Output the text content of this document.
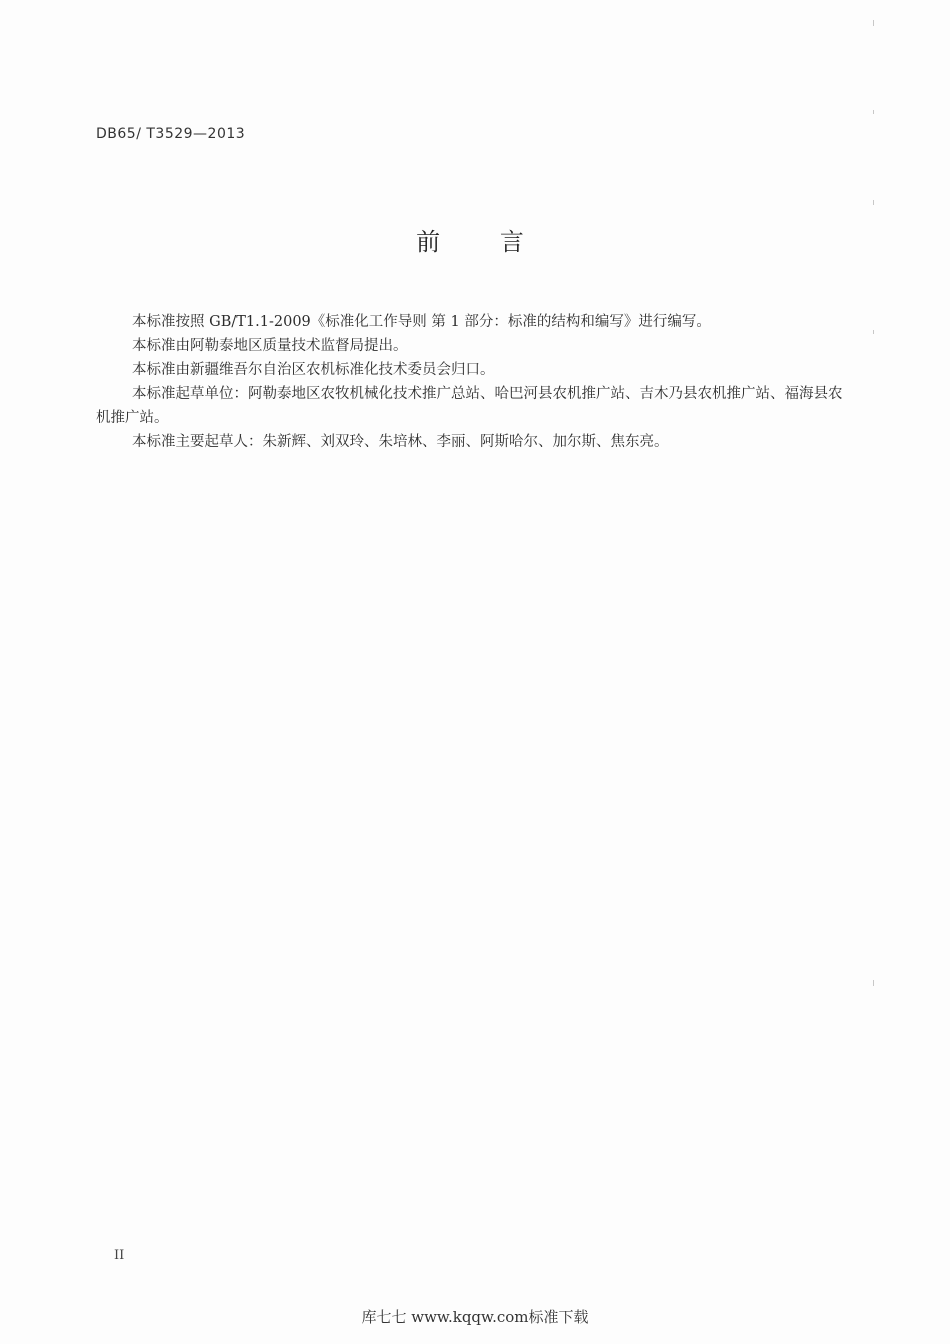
DB65/ T3529—2013
前 言

本标准按照 GB/T1.1-2009《标准化工作导则 第 1 部分：标准的结构和编写》进行编写。

本标准由阿勒泰地区质量技术监督局提出。

本标准由新疆维吾尔自治区农机标准化技术委员会归口。

本标准起草单位：阿勒泰地区农牧机械化技术推广总站、哈巴河县农机推广站、吉木乃县农机推广站、福海县农机推广站。

本标准主要起草人：朱新辉、刘双玲、朱培林、李丽、阿斯哈尔、加尔斯、焦东亮。

II
库七七 www.kqqw.com标准下载
